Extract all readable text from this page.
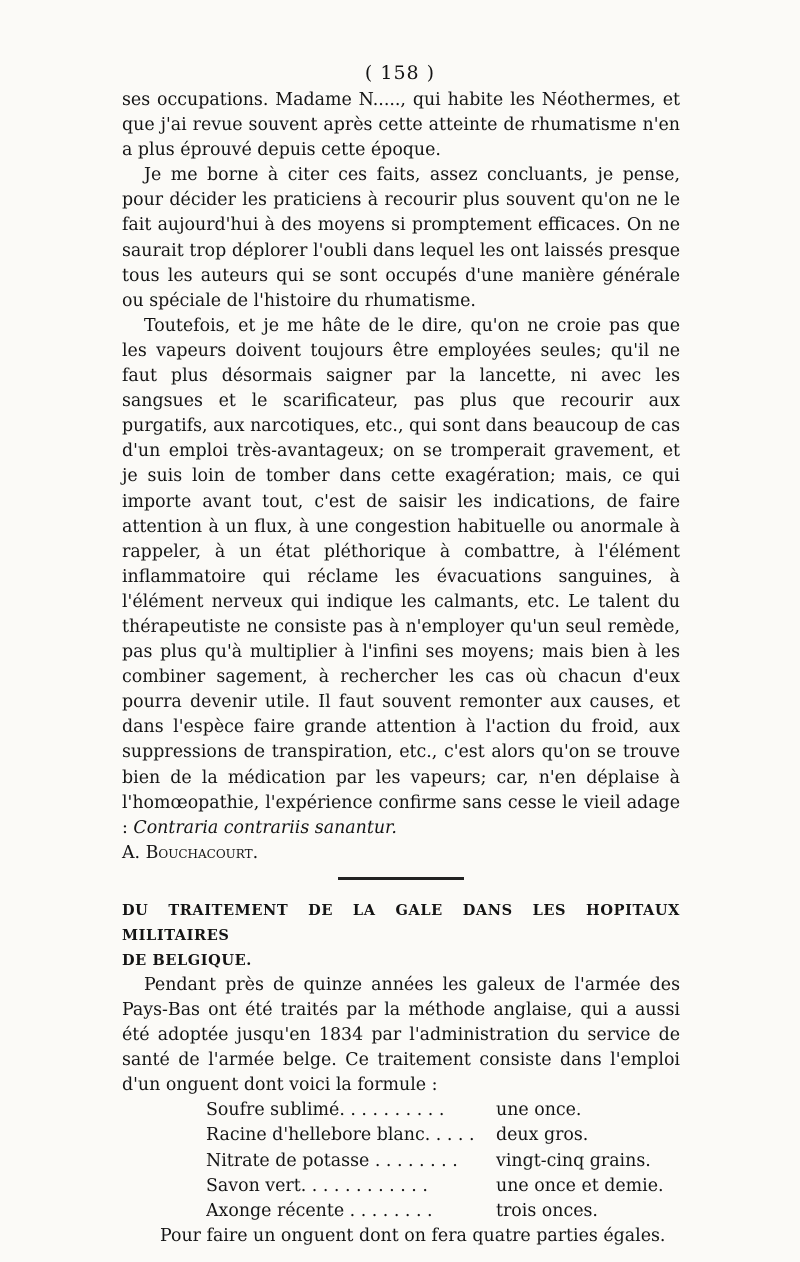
( 158 )

ses occupations. Madame N....., qui habite les Néothermes, et que j'ai revue souvent après cette atteinte de rhumatisme n'en a plus éprouvé depuis cette époque.

Je me borne à citer ces faits, assez concluants, je pense, pour décider les praticiens à recourir plus souvent qu'on ne le fait aujourd'hui à des moyens si promptement efficaces. On ne saurait trop déplorer l'oubli dans lequel les ont laissés presque tous les auteurs qui se sont occupés d'une manière générale ou spéciale de l'histoire du rhumatisme.

Toutefois, et je me hâte de le dire, qu'on ne croie pas que les vapeurs doivent toujours être employées seules; qu'il ne faut plus désormais saigner par la lancette, ni avec les sangsues et le scarificateur, pas plus que recourir aux purgatifs, aux narcotiques, etc., qui sont dans beaucoup de cas d'un emploi très-avantageux; on se tromperait gravement, et je suis loin de tomber dans cette exagération; mais, ce qui importe avant tout, c'est de saisir les indications, de faire attention à un flux, à une congestion habituelle ou anormale à rappeler, à un état pléthorique à combattre, à l'élément inflammatoire qui réclame les évacuations sanguines, à l'élément nerveux qui indique les calmants, etc. Le talent du thérapeutiste ne consiste pas à n'employer qu'un seul remède, pas plus qu'à multiplier à l'infini ses moyens; mais bien à les combiner sagement, à rechercher les cas où chacun d'eux pourra devenir utile. Il faut souvent remonter aux causes, et dans l'espèce faire grande attention à l'action du froid, aux suppressions de transpiration, etc., c'est alors qu'on se trouve bien de la médication par les vapeurs; car, n'en déplaise à l'homœopathie, l'expérience confirme sans cesse le vieil adage : Contraria contrariis sanantur.

A. Bouchacourt.

DU TRAITEMENT DE LA GALE DANS LES HOPITAUX MILITAIRES

DE BELGIQUE.

Pendant près de quinze années les galeux de l'armée des Pays-Bas ont été traités par la méthode anglaise, qui a aussi été adoptée jusqu'en 1834 par l'administration du service de santé de l'armée belge. Ce traitement consiste dans l'emploi d'un onguent dont voici la formule :

Soufre sublimé. . . . . . . . . .	une once.
Racine d'hellebore blanc. . . . .	deux gros.
Nitrate de potasse . . . . . . . .	vingt-cinq grains.
Savon vert. . . . . . . . . . . .	une once et demie.
Axonge récente . . . . . . . .	trois onces.

Pour faire un onguent dont on fera quatre parties égales.
